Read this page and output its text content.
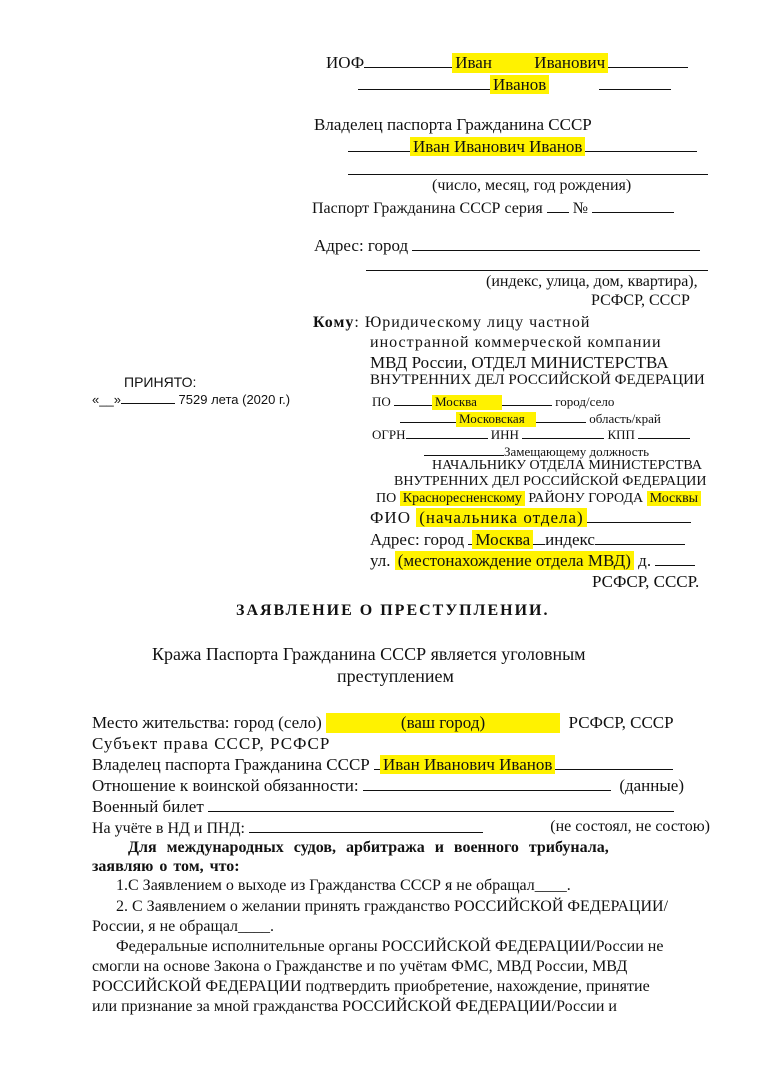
ИОФ	Иван Иванович
Иванов
Владелец паспорта Гражданина СССР
Иван Иванович Иванов
(число, месяц, год рождения)
Паспорт Гражданина СССР серия №
Адрес: город
(индекс, улица, дом, квартира),
РСФСР, СССР
Кому: Юридическому лицу частной
иностранной коммерческой компании
МВД России, ОТДЕЛ МИНИСТЕРСТВА
ВНУТРЕННИХ ДЕЛ РОССИЙСКОЙ ФЕДЕРАЦИИ
ПО	Москва	город/село
Московская	область/край
ОГРН	ИНН	КПП
Замещающему должность
НАЧАЛЬНИКУ ОТДЕЛА МИНИСТЕРСТВА
ВНУТРЕННИХ ДЕЛ РОССИЙСКОЙ ФЕДЕРАЦИИ
ПО Красноресненскому РАЙОНУ ГОРОДА Москвы
ФИО (начальника отдела)
Адрес: город Москва индекс
ул. (местонахождение отдела МВД) д.
РСФСР, СССР.
ПРИНЯТО:
«__»	7529 лета (2020 г.)
ЗАЯВЛЕНИЕ О ПРЕСТУПЛЕНИИ.
Кража Паспорта Гражданина СССР является уголовным
преступлением
Место жительства: город (село)	(ваш город)	РСФСР, СССР
Субъект права СССР, РСФСР
Владелец паспорта Гражданина СССР Иван Иванович Иванов
Отношение к воинской обязанности:	(данные)
Военный билет
На учёте в НД и ПНД:	(не состоял, не состою)
Для международных судов, арбитража и военного трибунала,
заявляю о том, что:
1.С Заявлением о выходе из Гражданства СССР я не обращал____.
2. С Заявлением о желании принять гражданство РОССИЙСКОЙ ФЕДЕРАЦИИ/
России, я не обращал____.
Федеральные исполнительные органы РОССИЙСКОЙ ФЕДЕРАЦИИ/России не
смогли на основе Закона о Гражданстве и по учётам ФМС, МВД России, МВД
РОССИЙСКОЙ ФЕДЕРАЦИИ подтвердить приобретение, нахождение, принятие
или признание за мной гражданства РОССИЙСКОЙ ФЕДЕРАЦИИ/России и
